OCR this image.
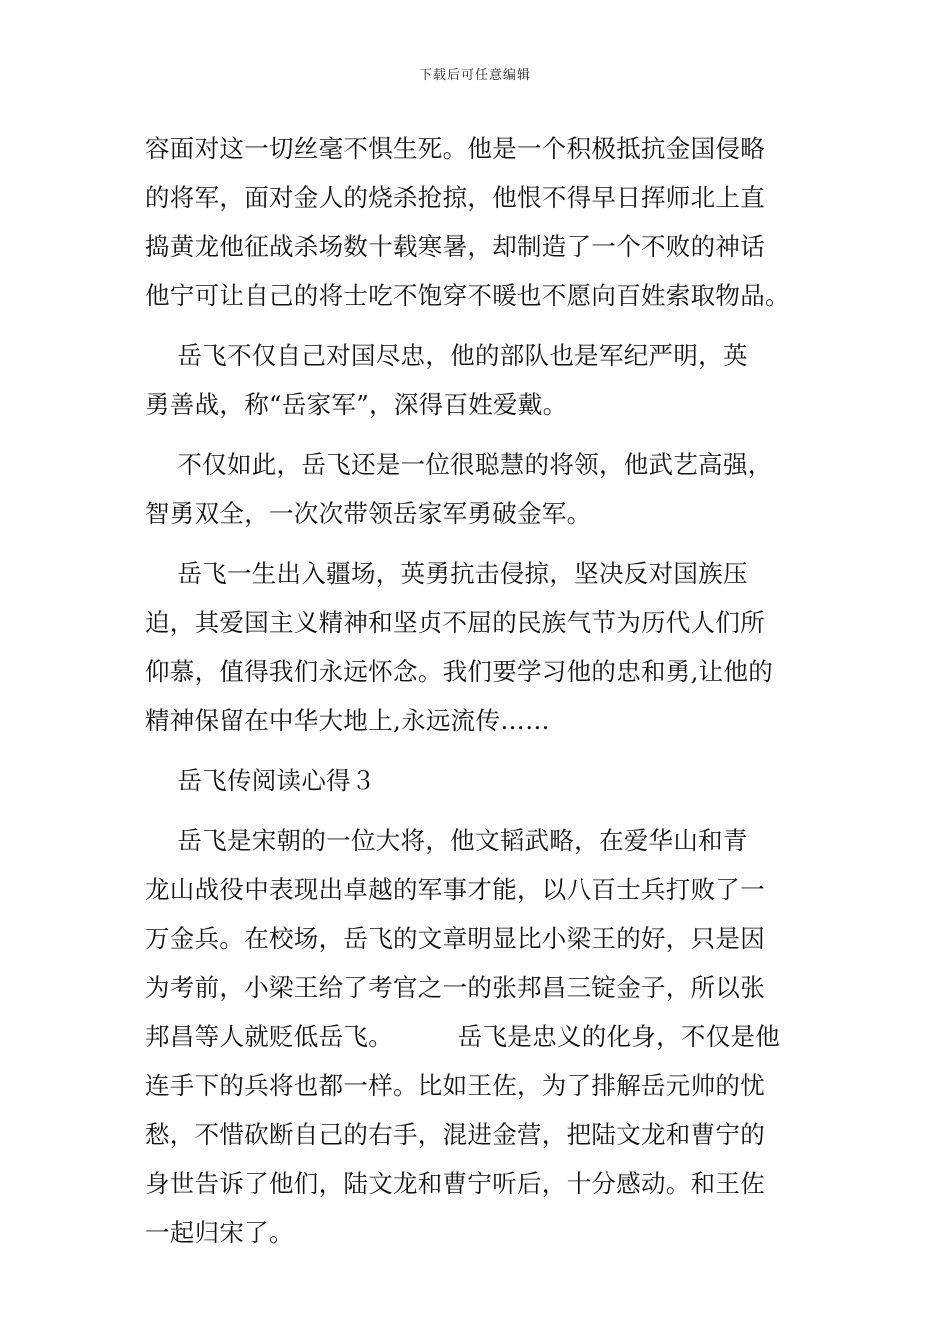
下载后可任意编辑
容面对这一切丝毫不惧生死。他是一个积极抵抗金国侵略
的将军，面对金人的烧杀抢掠，他恨不得早日挥师北上直
捣黄龙他征战杀场数十载寒暑，却制造了一个不败的神话
他宁可让自己的将士吃不饱穿不暖也不愿向百姓索取物品。
岳飞不仅自己对国尽忠，他的部队也是军纪严明，英
勇善战，称“岳家军”，深得百姓爱戴。
不仅如此，岳飞还是一位很聪慧的将领，他武艺高强，
智勇双全，一次次带领岳家军勇破金军。
岳飞一生出入疆场，英勇抗击侵掠，坚决反对国族压
迫，其爱国主义精神和坚贞不屈的民族气节为历代人们所
仰慕，值得我们永远怀念。我们要学习他的忠和勇,让他的
精神保留在中华大地上,永远流传……
岳飞传阅读心得３
岳飞是宋朝的一位大将，他文韬武略，在爱华山和青
龙山战役中表现出卓越的军事才能，以八百士兵打败了一
万金兵。在校场，岳飞的文章明显比小梁王的好，只是因
为考前，小梁王给了考官之一的张邦昌三锭金子，所以张
邦昌等人就贬低岳飞。        岳飞是忠义的化身，不仅是他
连手下的兵将也都一样。比如王佐，为了排解岳元帅的忧
愁，不惜砍断自己的右手，混进金营，把陆文龙和曹宁的
身世告诉了他们，陆文龙和曹宁听后，十分感动。和王佐
一起归宋了。
